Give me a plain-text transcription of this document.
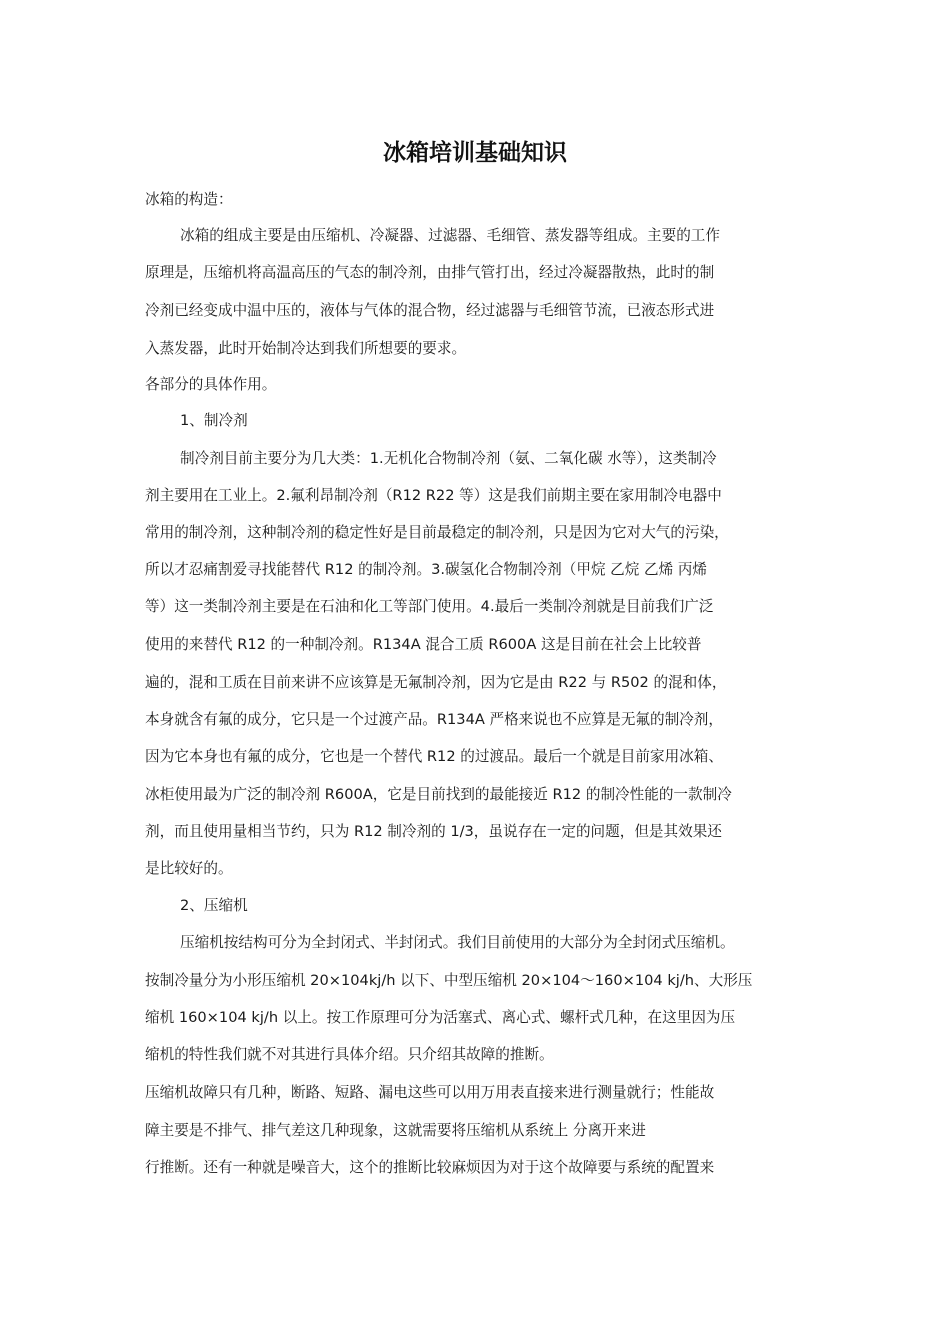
冰箱培训基础知识
冰箱的构造：
冰箱的组成主要是由压缩机、冷凝器、过滤器、毛细管、蒸发器等组成。主要的工作
原理是，压缩机将高温高压的气态的制冷剂，由排气管打出，经过冷凝器散热，此时的制
冷剂已经变成中温中压的，液体与气体的混合物，经过滤器与毛细管节流，已液态形式进
入蒸发器，此时开始制冷达到我们所想要的要求。
各部分的具体作用。
1、制冷剂
制冷剂目前主要分为几大类：1.无机化合物制冷剂（氨、二氧化碳 水等），这类制冷
剂主要用在工业上。2.氟利昂制冷剂（R12 R22 等）这是我们前期主要在家用制冷电器中
常用的制冷剂，这种制冷剂的稳定性好是目前最稳定的制冷剂，只是因为它对大气的污染，
所以才忍痛割爱寻找能替代 R12 的制冷剂。3.碳氢化合物制冷剂（甲烷 乙烷 乙烯 丙烯
等）这一类制冷剂主要是在石油和化工等部门使用。4.最后一类制冷剂就是目前我们广泛
使用的来替代 R12 的一种制冷剂。R134A 混合工质 R600A 这是目前在社会上比较普
遍的，混和工质在目前来讲不应该算是无氟制冷剂，因为它是由 R22 与 R502 的混和体，
本身就含有氟的成分，它只是一个过渡产品。R134A 严格来说也不应算是无氟的制冷剂，
因为它本身也有氟的成分，它也是一个替代 R12 的过渡品。最后一个就是目前家用冰箱、
冰柜使用最为广泛的制冷剂 R600A，它是目前找到的最能接近 R12 的制冷性能的一款制冷
剂，而且使用量相当节约，只为 R12 制冷剂的 1/3，虽说存在一定的问题，但是其效果还
是比较好的。
2、压缩机
压缩机按结构可分为全封闭式、半封闭式。我们目前使用的大部分为全封闭式压缩机。
按制冷量分为小形压缩机 20×104kj/h 以下、中型压缩机 20×104～160×104 kj/h、大形压
缩机 160×104 kj/h 以上。按工作原理可分为活塞式、离心式、螺杆式几种，在这里因为压
缩机的特性我们就不对其进行具体介绍。只介绍其故障的推断。
压缩机故障只有几种，断路、短路、漏电这些可以用万用表直接来进行测量就行；性能故
障主要是不排气、排气差这几种现象，这就需要将压缩机从系统上 分离开来进
行推断。还有一种就是噪音大，这个的推断比较麻烦因为对于这个故障要与系统的配置来
